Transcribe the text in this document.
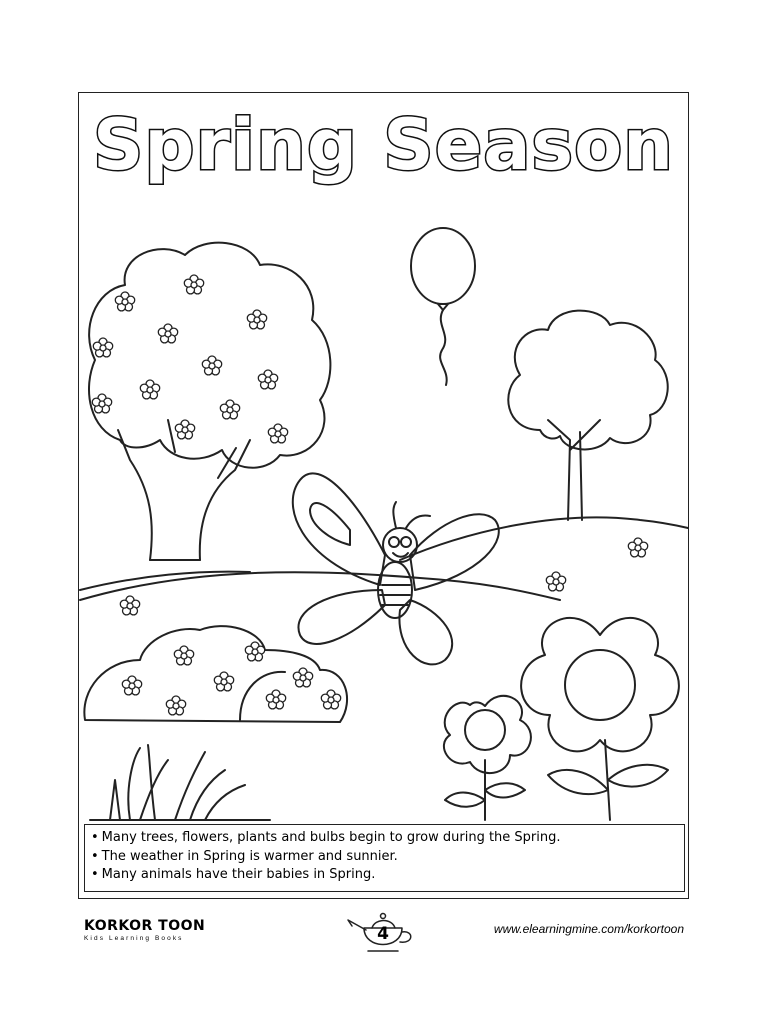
Spring Season
• Many trees, flowers, plants and bulbs begin to grow during the Spring.
• The weather in Spring is warmer and sunnier.
• Many animals have their babies in Spring.
KORKOR TOON
Kids Learning Books	4	www.elearningmine.com/korkortoon
